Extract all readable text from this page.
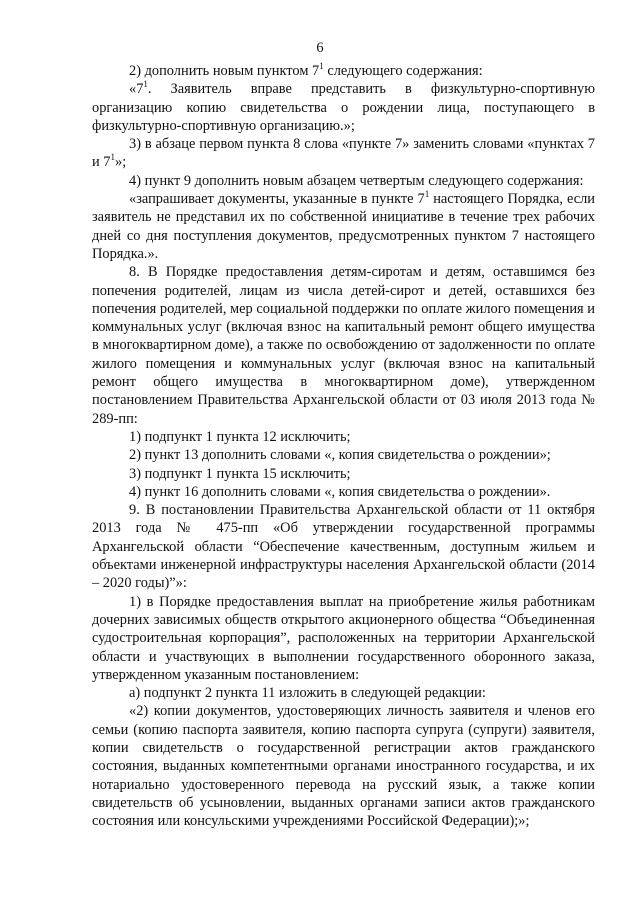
6

2) дополнить новым пунктом $7^1$ следующего содержания:

«$7^1$. Заявитель вправе представить в физкультурно-спортивную организацию копию свидетельства о рождении лица, поступающего в физкультурно-спортивную организацию.»;

3) в абзаце первом пункта 8 слова «пункте 7» заменить словами «пунктах 7 и $7^1$»;

4) пункт 9 дополнить новым абзацем четвертым следующего содержания:

«запрашивает документы, указанные в пункте $7^1$ настоящего Порядка, если заявитель не представил их по собственной инициативе в течение трех рабочих дней со дня поступления документов, предусмотренных пунктом 7 настоящего Порядка.».

8. В Порядке предоставления детям-сиротам и детям, оставшимся без попечения родителей, лицам из числа детей-сирот и детей, оставшихся без попечения родителей, мер социальной поддержки по оплате жилого помещения и коммунальных услуг (включая взнос на капитальный ремонт общего имущества в многоквартирном доме), а также по освобождению от задолженности по оплате жилого помещения и коммунальных услуг (включая взнос на капитальный ремонт общего имущества в многоквартирном доме), утвержденном постановлением Правительства Архангельской области от 03 июля 2013 года № 289-пп:

1) подпункт 1 пункта 12 исключить;

2) пункт 13 дополнить словами «, копия свидетельства о рождении»;

3) подпункт 1 пункта 15 исключить;

4) пункт 16 дополнить словами «, копия свидетельства о рождении».

9. В постановлении Правительства Архангельской области от 11 октября 2013 года № 475-пп «Об утверждении государственной программы Архангельской области “Обеспечение качественным, доступным жильем и объектами инженерной инфраструктуры населения Архангельской области (2014 – 2020 годы)”»:

1) в Порядке предоставления выплат на приобретение жилья работникам дочерних зависимых обществ открытого акционерного общества “Объединенная судостроительная корпорация”, расположенных на территории Архангельской области и участвующих в выполнении государственного оборонного заказа, утвержденном указанным постановлением:

а) подпункт 2 пункта 11 изложить в следующей редакции:

«2) копии документов, удостоверяющих личность заявителя и членов его семьи (копию паспорта заявителя, копию паспорта супруга (супруги) заявителя, копии свидетельств о государственной регистрации актов гражданского состояния, выданных компетентными органами иностранного государства, и их нотариально удостоверенного перевода на русский язык, а также копии свидетельств об усыновлении, выданных органами записи актов гражданского состояния или консульскими учреждениями Российской Федерации);»;
